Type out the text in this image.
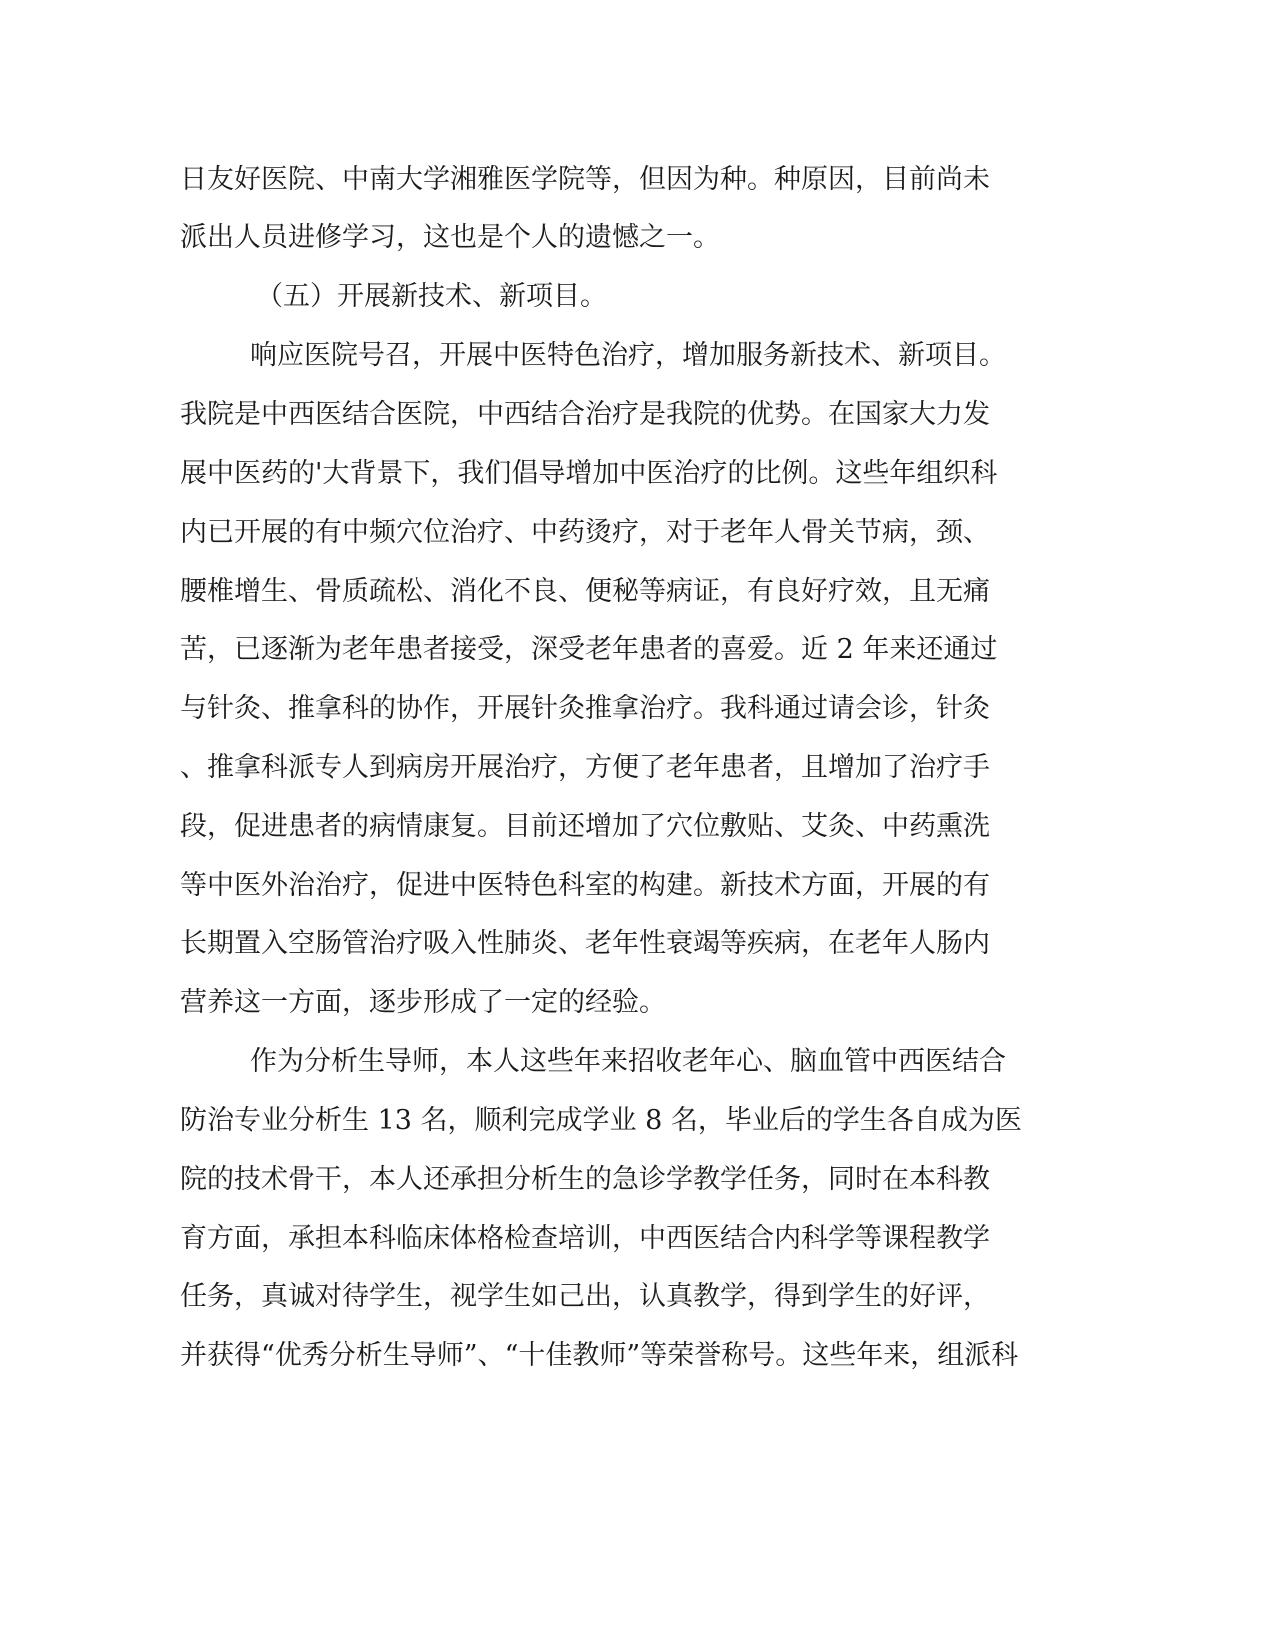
日友好医院、中南大学湘雅医学院等，但因为种。种原因，目前尚未
派出人员进修学习，这也是个人的遗憾之一。
（五）开展新技术、新项目。
响应医院号召，开展中医特色治疗，增加服务新技术、新项目。
我院是中西医结合医院，中西结合治疗是我院的优势。在国家大力发
展中医药的'大背景下，我们倡导增加中医治疗的比例。这些年组织科
内已开展的有中频穴位治疗、中药烫疗，对于老年人骨关节病，颈、
腰椎增生、骨质疏松、消化不良、便秘等病证，有良好疗效，且无痛
苦，已逐渐为老年患者接受，深受老年患者的喜爱。近 2 年来还通过
与针灸、推拿科的协作，开展针灸推拿治疗。我科通过请会诊，针灸
、推拿科派专人到病房开展治疗，方便了老年患者，且增加了治疗手
段，促进患者的病情康复。目前还增加了穴位敷贴、艾灸、中药熏洗
等中医外治治疗，促进中医特色科室的构建。新技术方面，开展的有
长期置入空肠管治疗吸入性肺炎、老年性衰竭等疾病，在老年人肠内
营养这一方面，逐步形成了一定的经验。
作为分析生导师，本人这些年来招收老年心、脑血管中西医结合
防治专业分析生 13 名，顺利完成学业 8 名，毕业后的学生各自成为医
院的技术骨干，本人还承担分析生的急诊学教学任务，同时在本科教
育方面，承担本科临床体格检查培训，中西医结合内科学等课程教学
任务，真诚对待学生，视学生如己出，认真教学，得到学生的好评，
并获得“优秀分析生导师”、“十佳教师”等荣誉称号。这些年来，组派科
